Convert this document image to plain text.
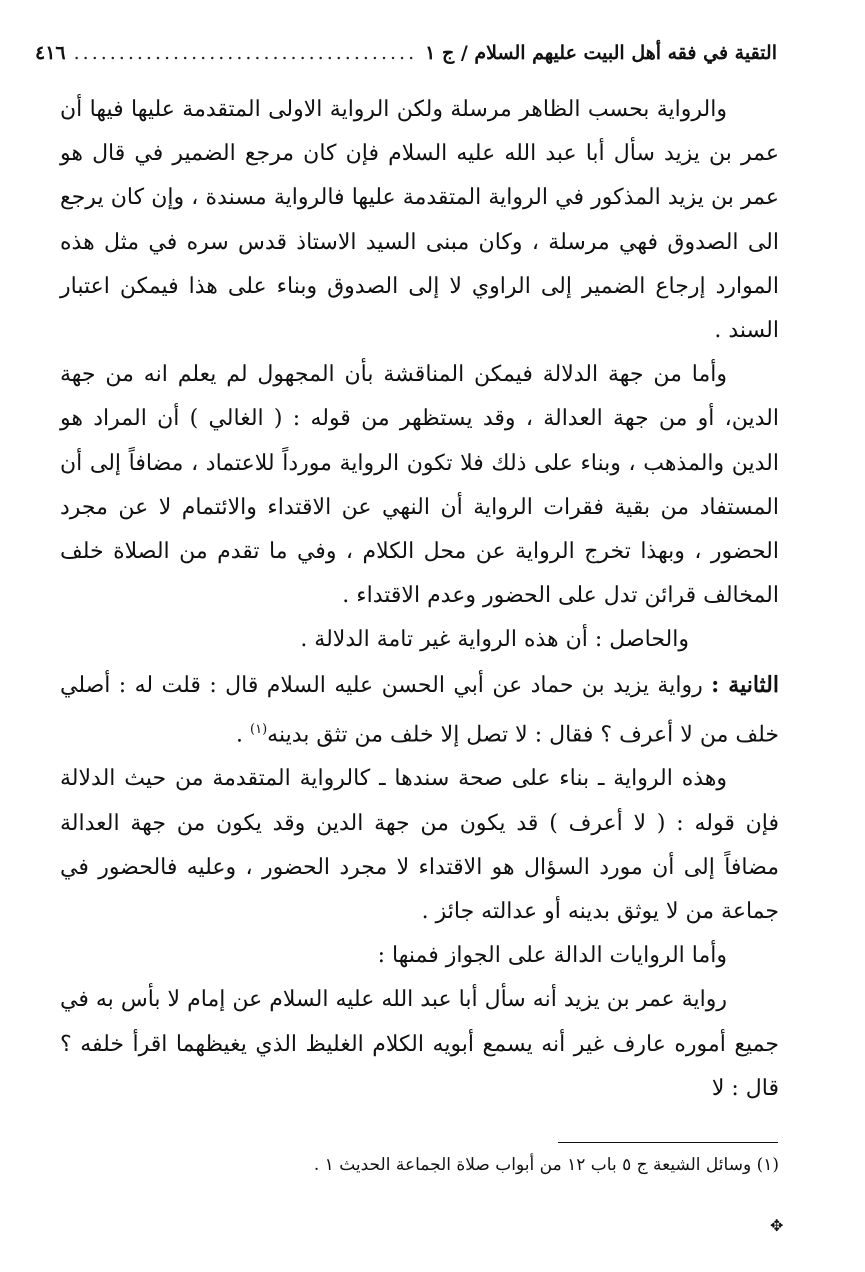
التقية في فقه أهل البيت عليهم السلام / ج ١
......................................
٤١٦

والرواية بحسب الظاهر مرسلة ولكن الرواية الاولى المتقدمة عليها فيها أن عمر بن يزيد سأل أبا عبد الله عليه السلام فإن كان مرجع الضمير في قال هو عمر بن يزيد المذكور في الرواية المتقدمة عليها فالرواية مسندة ، وإن كان يرجع الى الصدوق فهي مرسلة ، وكان مبنى السيد الاستاذ قدس سره في مثل هذه الموارد إرجاع الضمير إلى الراوي لا إلى الصدوق وبناء على هذا فيمكن اعتبار السند .

وأما من جهة الدلالة فيمكن المناقشة بأن المجهول لم يعلم انه من جهة الدين، أو من جهة العدالة ، وقد يستظهر من قوله : ( الغالي ) أن المراد هو الدين والمذهب ، وبناء على ذلك فلا تكون الرواية مورداً للاعتماد ، مضافاً إلى أن المستفاد من بقية فقرات الرواية أن النهي عن الاقتداء والائتمام لا عن مجرد الحضور ، وبهذا تخرج الرواية عن محل الكلام ، وفي ما تقدم من الصلاة خلف المخالف قرائن تدل على الحضور وعدم الاقتداء .

والحاصل : أن هذه الرواية غير تامة الدلالة .

الثانية : رواية يزيد بن حماد عن أبي الحسن عليه السلام قال : قلت له : أصلي خلف من لا أعرف ؟ فقال : لا تصل إلا خلف من تثق بدينه$^{(١)}$ .

وهذه الرواية ـ بناء على صحة سندها ـ كالرواية المتقدمة من حيث الدلالة فإن قوله : ( لا أعرف ) قد يكون من جهة الدين وقد يكون من جهة العدالة مضافاً إلى أن مورد السؤال هو الاقتداء لا مجرد الحضور ، وعليه فالحضور في جماعة من لا يوثق بدينه أو عدالته جائز .

وأما الروايات الدالة على الجواز فمنها :

رواية عمر بن يزيد أنه سأل أبا عبد الله عليه السلام عن إمام لا بأس به في جميع أموره عارف غير أنه يسمع أبويه الكلام الغليظ الذي يغيظهما اقرأ خلفه ؟ قال : لا

(١) وسائل الشيعة ج ٥ باب ١٢ من أبواب صلاة الجماعة الحديث ١ .
✥
